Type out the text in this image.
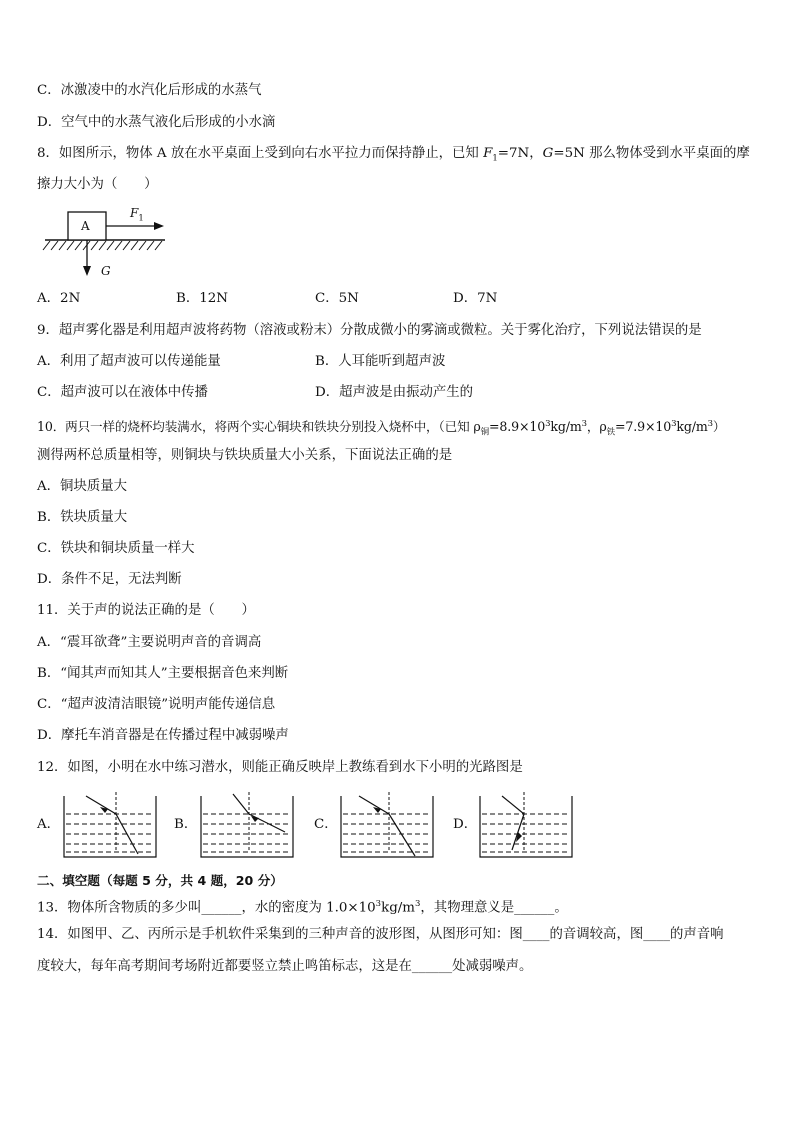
C．冰激凌中的水汽化后形成的水蒸气
D．空气中的水蒸气液化后形成的小水滴
8．如图所示，物体 A 放在水平桌面上受到向右水平拉力而保持静止，已知 $F_1=7N$，G=5N 那么物体受到水平桌面的摩
擦力大小为（　　）
A
$F_1$
G
A．2N	B．12N	C．5N	D．7N
9．超声雾化器是利用超声波将药物（溶液或粉末）分散成微小的雾滴或微粒。关于雾化治疗，下列说法错误的是
A．利用了超声波可以传递能量	B．人耳能听到超声波
C．超声波可以在液体中传播	D．超声波是由振动产生的
10．两只一样的烧杯均装满水，将两个实心铜块和铁块分别投入烧杯中，（已知 $\rho_铜=8.9\times 10^3kg/m^3$，$\rho_铁=7.9\times 10^3kg/m^3$）
测得两杯总质量相等，则铜块与铁块质量大小关系，下面说法正确的是
A．铜块质量大
B．铁块质量大
C．铁块和铜块质量一样大
D．条件不足，无法判断
11．关于声的说法正确的是（　　）
A．“震耳欲聋”主要说明声音的音调高
B．“闻其声而知其人”主要根据音色来判断
C．“超声波清洁眼镜”说明声能传递信息
D．摩托车消音器是在传播过程中减弱噪声
12．如图，小明在水中练习潜水，则能正确反映岸上教练看到水下小明的光路图是
A．	B．	C．	D．
二、填空题（每题 5 分，共 4 题，20 分）
13．物体所含物质的多少叫______，水的密度为 $1.0\times 10^3kg/m^3$，其物理意义是______。
14．如图甲、乙、丙所示是手机软件采集到的三种声音的波形图，从图形可知：图____的音调较高，图____的声音响
度较大，每年高考期间考场附近都要竖立禁止鸣笛标志，这是在______处减弱噪声。
